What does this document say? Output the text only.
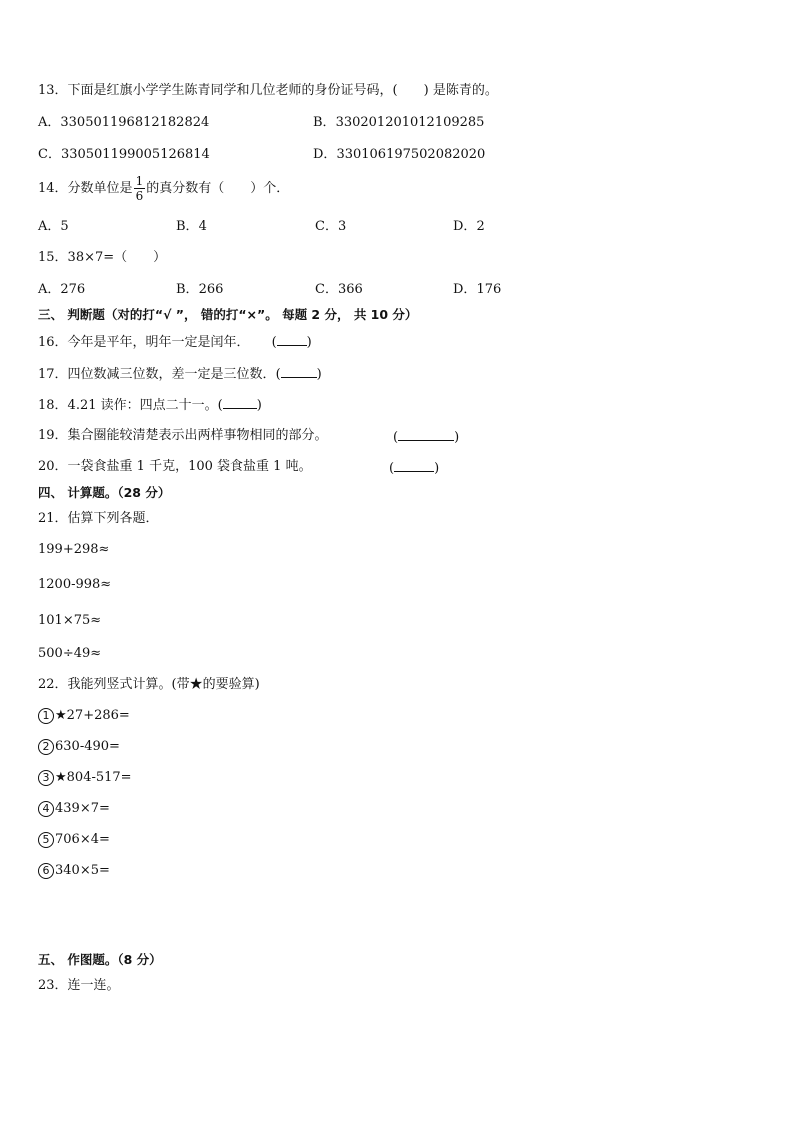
13．下面是红旗小学学生陈青同学和几位老师的身份证号码，(　　) 是陈青的。
A．330501196812182824	B．330201201012109285
C．330501199005126814	D．330106197502082020
14．分数单位是 $\frac{1}{6}$ 的真分数有（　　）个．
A．5	B．4	C．3	D．2
15．38×7=（　　）
A．276	B．266	C．366	D．176
三、 判断题（对的打“√ ”， 错的打“×”。 每题 2 分， 共 10 分）
16．今年是平年，明年一定是闰年． ( )
17．四位数减三位数，差一定是三位数．(	)
18．4.21 读作：四点二十一。(	)
19．集合圈能较清楚表示出两样事物相同的部分。	(	)
20．一袋食盐重 1 千克，100 袋食盐重 1 吨。	(	)
四、 计算题。（28 分）
21．估算下列各题．
199+298≈
1200-998≈
101×75≈
500÷49≈
22．我能列竖式计算。(带★的要验算)
1 ★27+286=
2 630-490=
3 ★804-517=
4 439×7=
5 706×4=
6 340×5=
五、 作图题。（8 分）
23．连一连。
